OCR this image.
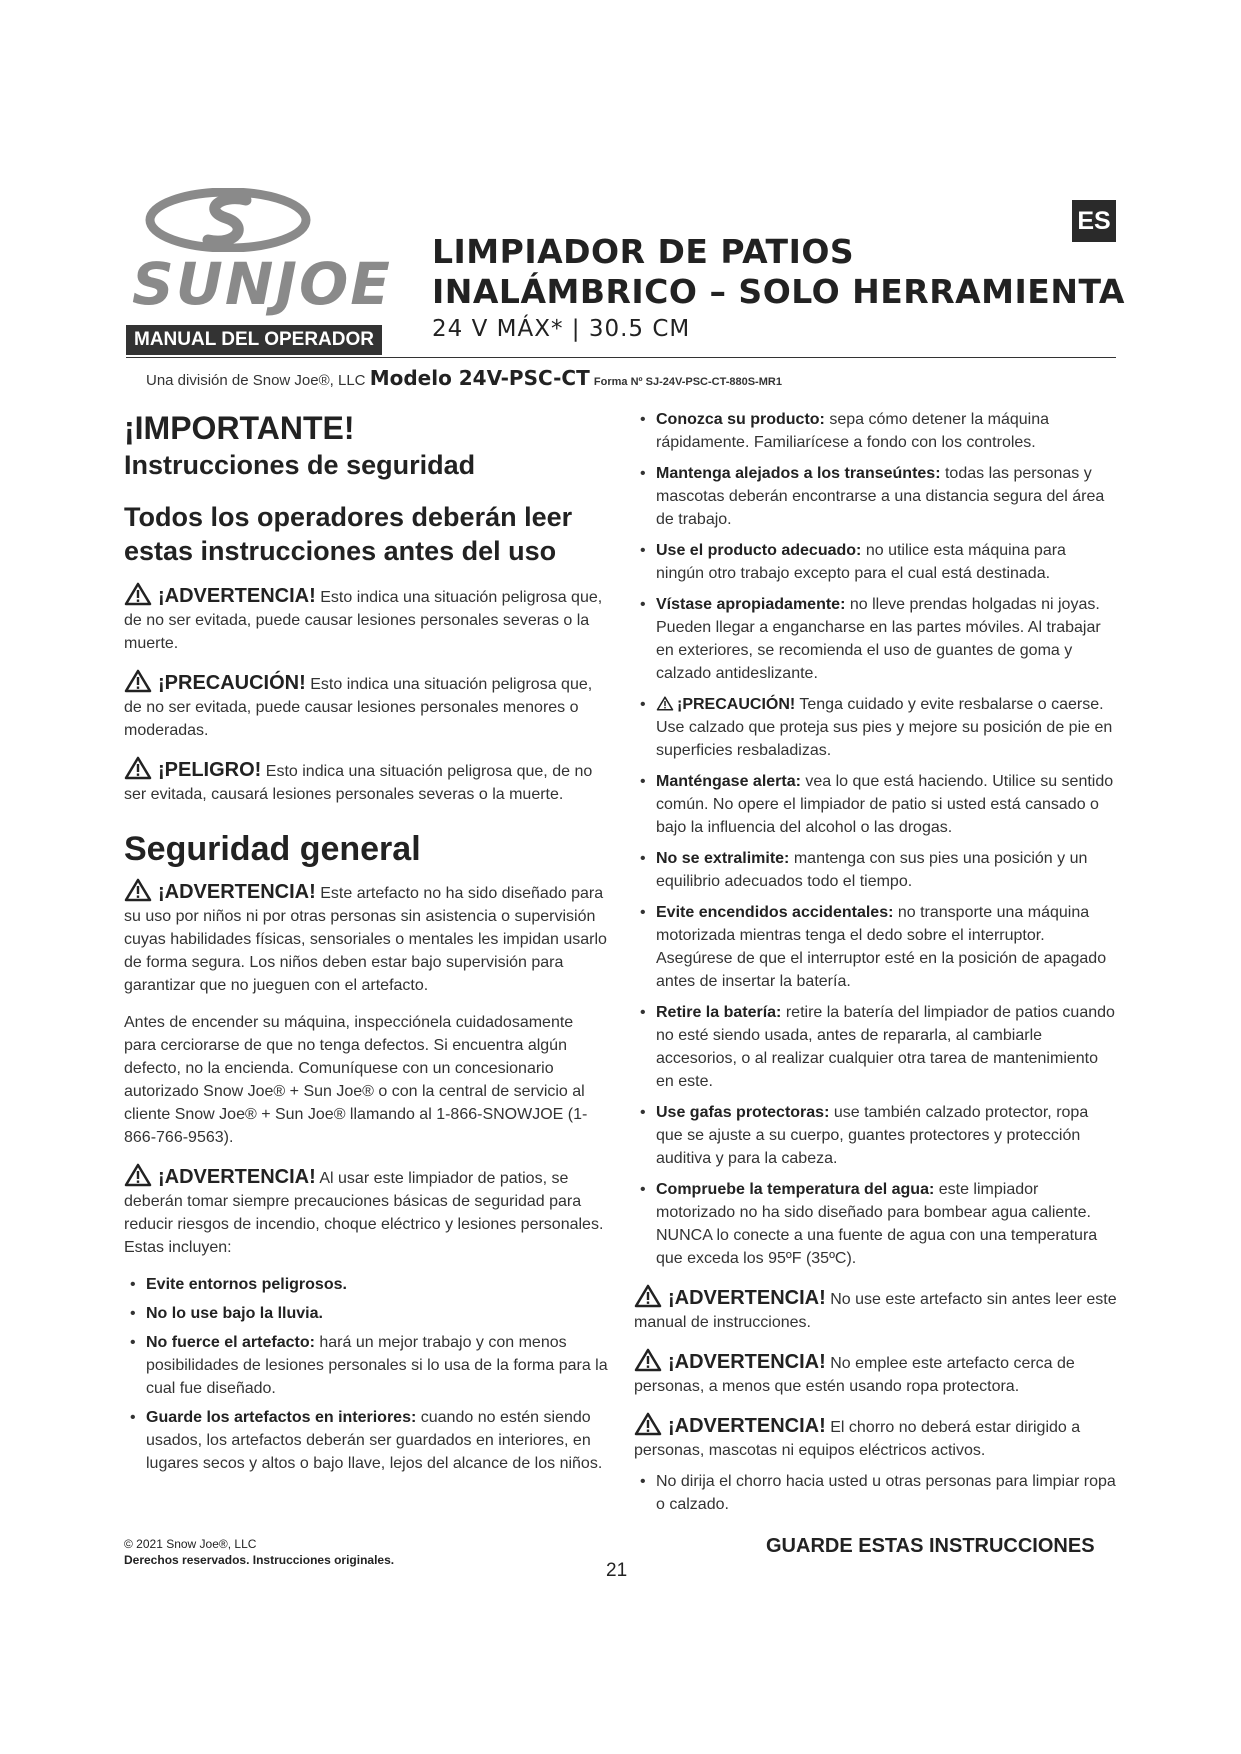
SUNJOE
MANUAL DEL OPERADOR
ES
LIMPIADOR DE PATIOS
INALÁMBRICO – SOLO HERRAMIENTA
24 V MÁX* | 30.5 CM
Una división de Snow Joe®, LLC Modelo 24V-PSC-CT Forma Nº SJ-24V-PSC-CT-880S-MR1
¡IMPORTANTE!
Instrucciones de seguridad
Todos los operadores deberán leer estas instrucciones antes del uso
¡ADVERTENCIA! Esto indica una situación peligrosa que, de no ser evitada, puede causar lesiones personales severas o la muerte.
¡PRECAUCIÓN! Esto indica una situación peligrosa que, de no ser evitada, puede causar lesiones personales menores o moderadas.
¡PELIGRO! Esto indica una situación peligrosa que, de no ser evitada, causará lesiones personales severas o la muerte.
Seguridad general
¡ADVERTENCIA! Este artefacto no ha sido diseñado para su uso por niños ni por otras personas sin asistencia o supervisión cuyas habilidades físicas, sensoriales o mentales les impidan usarlo de forma segura. Los niños deben estar bajo supervisión para garantizar que no jueguen con el artefacto.

Antes de encender su máquina, inspecciónela cuidadosamente para cerciorarse de que no tenga defectos. Si encuentra algún defecto, no la encienda. Comuníquese con un concesionario autorizado Snow Joe® + Sun Joe® o con la central de servicio al cliente Snow Joe® + Sun Joe® llamando al 1-866-SNOWJOE (1-866-766-9563).

¡ADVERTENCIA! Al usar este limpiador de patios, se deberán tomar siempre precauciones básicas de seguridad para reducir riesgos de incendio, choque eléctrico y lesiones personales. Estas incluyen:
• Evite entornos peligrosos.
• No lo use bajo la lluvia.
• No fuerce el artefacto: hará un mejor trabajo y con menos posibilidades de lesiones personales si lo usa de la forma para la cual fue diseñado.
• Guarde los artefactos en interiores: cuando no estén siendo usados, los artefactos deberán ser guardados en interiores, en lugares secos y altos o bajo llave, lejos del alcance de los niños.
• Conozca su producto: sepa cómo detener la máquina rápidamente. Familiarícese a fondo con los controles.
• Mantenga alejados a los transeúntes: todas las personas y mascotas deberán encontrarse a una distancia segura del área de trabajo.
• Use el producto adecuado: no utilice esta máquina para ningún otro trabajo excepto para el cual está destinada.
• Vístase apropiadamente: no lleve prendas holgadas ni joyas. Pueden llegar a engancharse en las partes móviles. Al trabajar en exteriores, se recomienda el uso de guantes de goma y calzado antideslizante.
• ¡PRECAUCIÓN! Tenga cuidado y evite resbalarse o caerse. Use calzado que proteja sus pies y mejore su posición de pie en superficies resbaladizas.
• Manténgase alerta: vea lo que está haciendo. Utilice su sentido común. No opere el limpiador de patio si usted está cansado o bajo la influencia del alcohol o las drogas.
• No se extralimite: mantenga con sus pies una posición y un equilibrio adecuados todo el tiempo.
• Evite encendidos accidentales: no transporte una máquina motorizada mientras tenga el dedo sobre el interruptor. Asegúrese de que el interruptor esté en la posición de apagado antes de insertar la batería.
• Retire la batería: retire la batería del limpiador de patios cuando no esté siendo usada, antes de repararla, al cambiarle accesorios, o al realizar cualquier otra tarea de mantenimiento en este.
• Use gafas protectoras: use también calzado protector, ropa que se ajuste a su cuerpo, guantes protectores y protección auditiva y para la cabeza.
• Compruebe la temperatura del agua: este limpiador motorizado no ha sido diseñado para bombear agua caliente. NUNCA lo conecte a una fuente de agua con una temperatura que exceda los 95ºF (35ºC).
¡ADVERTENCIA! No use este artefacto sin antes leer este manual de instrucciones.
¡ADVERTENCIA! No emplee este artefacto cerca de personas, a menos que estén usando ropa protectora.
¡ADVERTENCIA! El chorro no deberá estar dirigido a personas, mascotas ni equipos eléctricos activos.
• No dirija el chorro hacia usted u otras personas para limpiar ropa o calzado.
© 2021 Snow Joe®, LLC
Derechos reservados. Instrucciones originales.
GUARDE ESTAS INSTRUCCIONES
21
